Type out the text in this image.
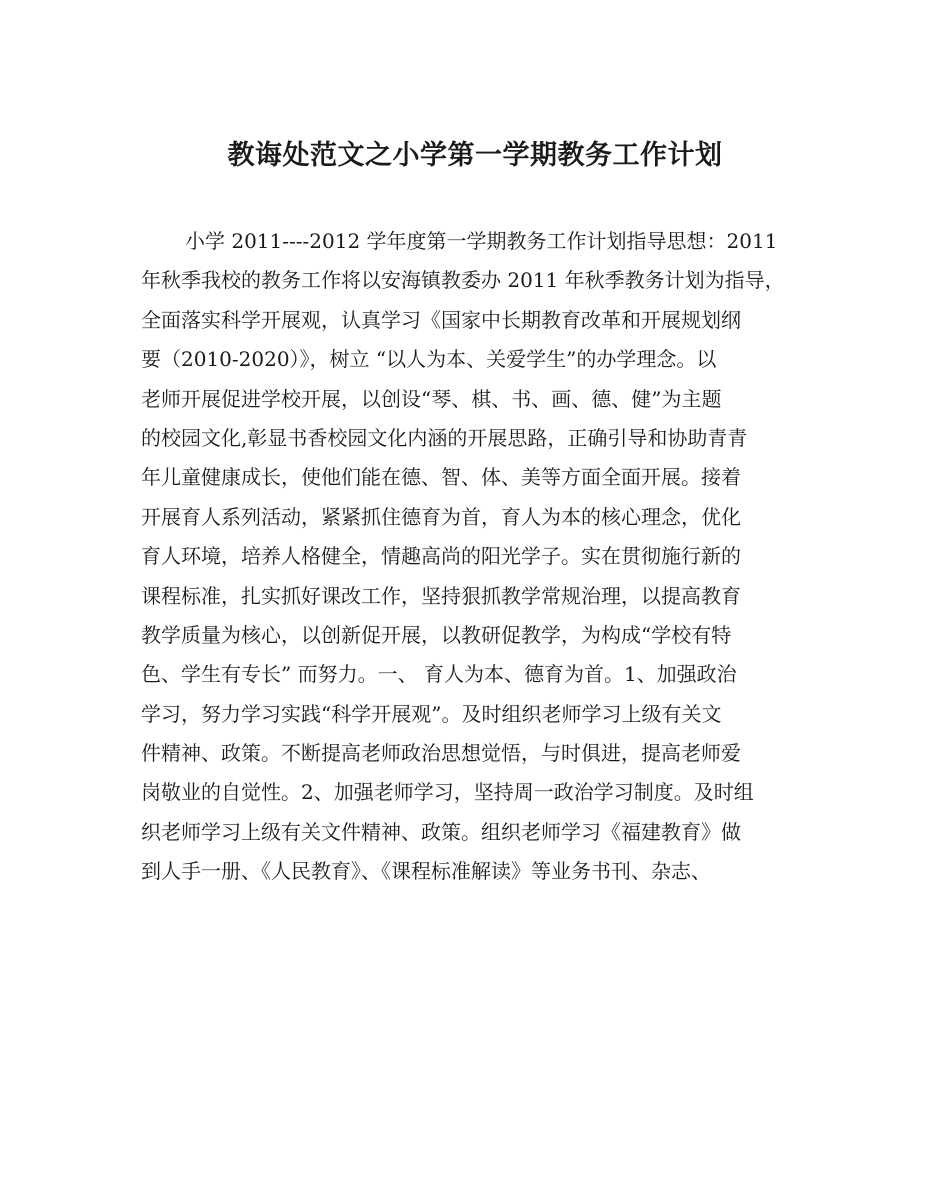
教诲处范文之小学第一学期教务工作计划
小学 2011----2012 学年度第一学期教务工作计划指导思想：2011
年秋季我校的教务工作将以安海镇教委办 2011 年秋季教务计划为指导，
全面落实科学开展观，认真学习《国家中长期教育改革和开展规划纲
要（2010-2020）》，树立 “以人为本、关爱学生”的办学理念。以
老师开展促进学校开展，以创设“琴、棋、书、画、德、健”为主题
的校园文化,彰显书香校园文化内涵的开展思路，正确引导和协助青青
年儿童健康成长，使他们能在德、智、体、美等方面全面开展。接着
开展育人系列活动，紧紧抓住德育为首，育人为本的核心理念，优化
育人环境，培养人格健全，情趣高尚的阳光学子。实在贯彻施行新的
课程标准，扎实抓好课改工作，坚持狠抓教学常规治理，以提高教育
教学质量为核心，以创新促开展，以教研促教学，为构成“学校有特
色、学生有专长” 而努力。一、 育人为本、德育为首。1、加强政治
学习，努力学习实践“科学开展观”。及时组织老师学习上级有关文
件精神、政策。不断提高老师政治思想觉悟，与时俱进，提高老师爱
岗敬业的自觉性。2、加强老师学习，坚持周一政治学习制度。及时组
织老师学习上级有关文件精神、政策。组织老师学习《福建教育》做
到人手一册、《人民教育》、《课程标准解读》等业务书刊、杂志、
